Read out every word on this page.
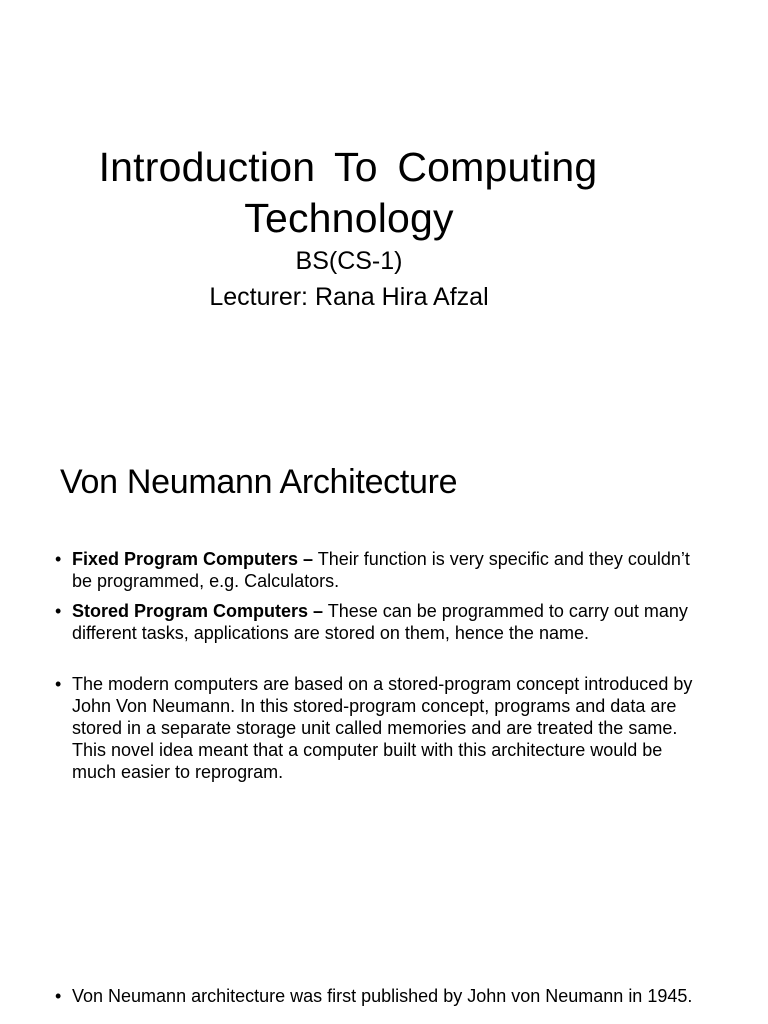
Introduction To Computing
Technology
BS(CS-1)
Lecturer: Rana Hira Afzal
Von Neumann Architecture
• Fixed Program Computers – Their function is very specific and they couldn’t be programmed, e.g. Calculators.
• Stored Program Computers – These can be programmed to carry out many different tasks, applications are stored on them, hence the name.
• The modern computers are based on a stored-program concept introduced by John Von Neumann. In this stored-program concept, programs and data are stored in a separate storage unit called memories and are treated the same. This novel idea meant that a computer built with this architecture would be much easier to reprogram.
• Von Neumann architecture was first published by John von Neumann in 1945.
